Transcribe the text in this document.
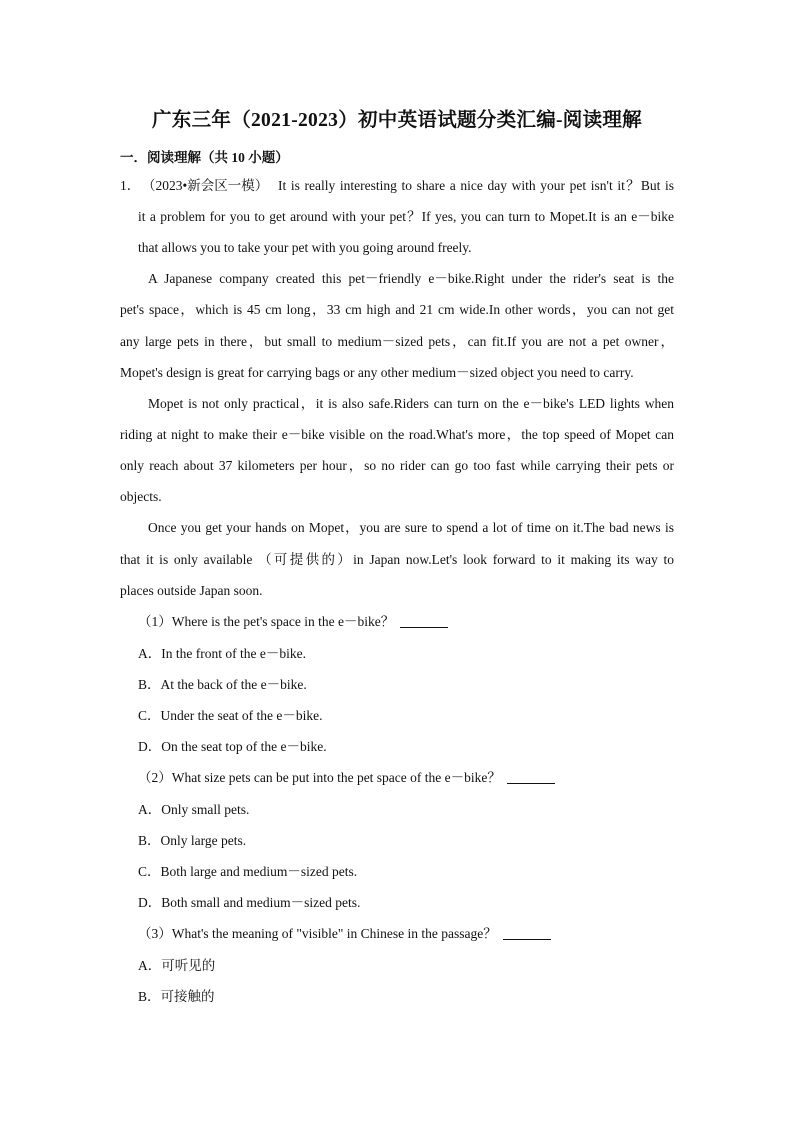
广东三年（2021-2023）初中英语试题分类汇编-阅读理解
一．阅读理解（共 10 小题）
1． （2023•新会区一模） It is really interesting to share a nice day with your pet isn't it？But is
it a problem for you to get around with your pet？If yes, you can turn to Mopet.It is an e－bike
that allows you to take your pet with you going around freely.
A Japanese company created this pet－friendly e－bike.Right under the rider's seat is the
pet's space，which is 45 cm long，33 cm high and 21 cm wide.In other words，you can not get
any large pets in there，but small to medium－sized pets，can fit.If you are not a pet owner，
Mopet's design is great for carrying bags or any other medium－sized object you need to carry.
Mopet is not only practical，it is also safe.Riders can turn on the e－bike's LED lights when
riding at night to make their e－bike visible on the road.What's more，the top speed of Mopet can
only reach about 37 kilometers per hour，so no rider can go too fast while carrying their pets or
objects.
Once you get your hands on Mopet，you are sure to spend a lot of time on it.The bad news is
that it is only available （可提供的）in Japan now.Let's look forward to it making its way to
places outside Japan soon.
（1）Where is the pet's space in the e－bike？
A．In the front of the e－bike.
B．At the back of the e－bike.
C．Under the seat of the e－bike.
D．On the seat top of the e－bike.
（2）What size pets can be put into the pet space of the e－bike？
A．Only small pets.
B．Only large pets.
C．Both large and medium－sized pets.
D．Both small and medium－sized pets.
（3）What's the meaning of "visible" in Chinese in the passage？
A．可听见的
B．可接触的
